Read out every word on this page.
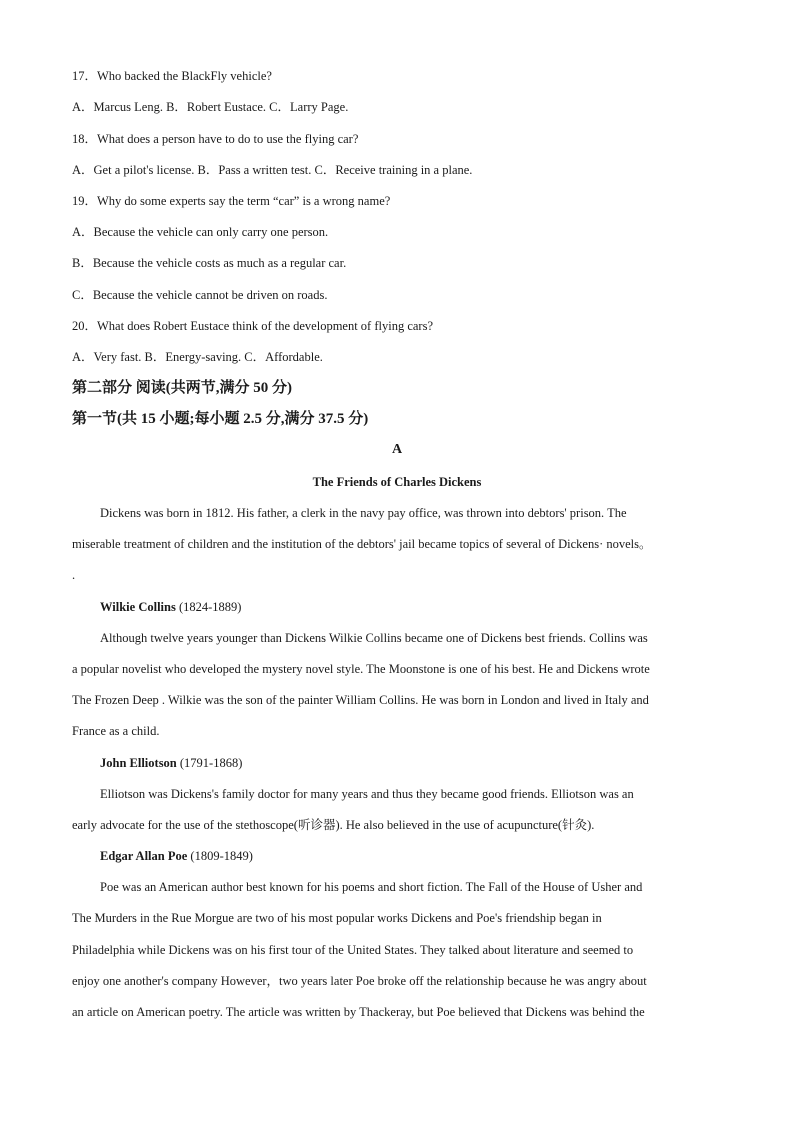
17．Who backed the BlackFly vehicle?
A．Marcus Leng. B．Robert Eustace. C．Larry Page.
18．What does a person have to do to use the flying car?
A．Get a pilot's license. B．Pass a written test. C．Receive training in a plane.
19．Why do some experts say the term “car” is a wrong name?
A．Because the vehicle can only carry one person.
B．Because the vehicle costs as much as a regular car.
C．Because the vehicle cannot be driven on roads.
20．What does Robert Eustace think of the development of flying cars?
A．Very fast. B．Energy-saving. C．Affordable.
第二部分 阅读(共两节,满分 50 分)
第一节(共 15 小题;每小题 2.5 分,满分 37.5 分)
A
The Friends of Charles Dickens
Dickens was born in 1812. His father, a clerk in the navy pay office, was thrown into debtors' prison. The
miserable treatment of children and the institution of the debtors' jail became topics of several of Dickens· novels。
.
Wilkie Collins (1824-1889)
Although twelve years younger than Dickens Wilkie Collins became one of Dickens best friends. Collins was
a popular novelist who developed the mystery novel style. The Moonstone is one of his best. He and Dickens wrote
The Frozen Deep . Wilkie was the son of the painter William Collins. He was born in London and lived in Italy and
France as a child.
John Elliotson (1791-1868)
Elliotson was Dickens's family doctor for many years and thus they became good friends. Elliotson was an
early advocate for the use of the stethoscope(听诊器). He also believed in the use of acupuncture(针灸).
Edgar Allan Poe (1809-1849)
Poe was an American author best known for his poems and short fiction. The Fall of the House of Usher and
The Murders in the Rue Morgue are two of his most popular works Dickens and Poe's friendship began in
Philadelphia while Dickens was on his first tour of the United States. They talked about literature and seemed to
enjoy one another's company However，two years later Poe broke off the relationship because he was angry about
an article on American poetry. The article was written by Thackeray, but Poe believed that Dickens was behind the
